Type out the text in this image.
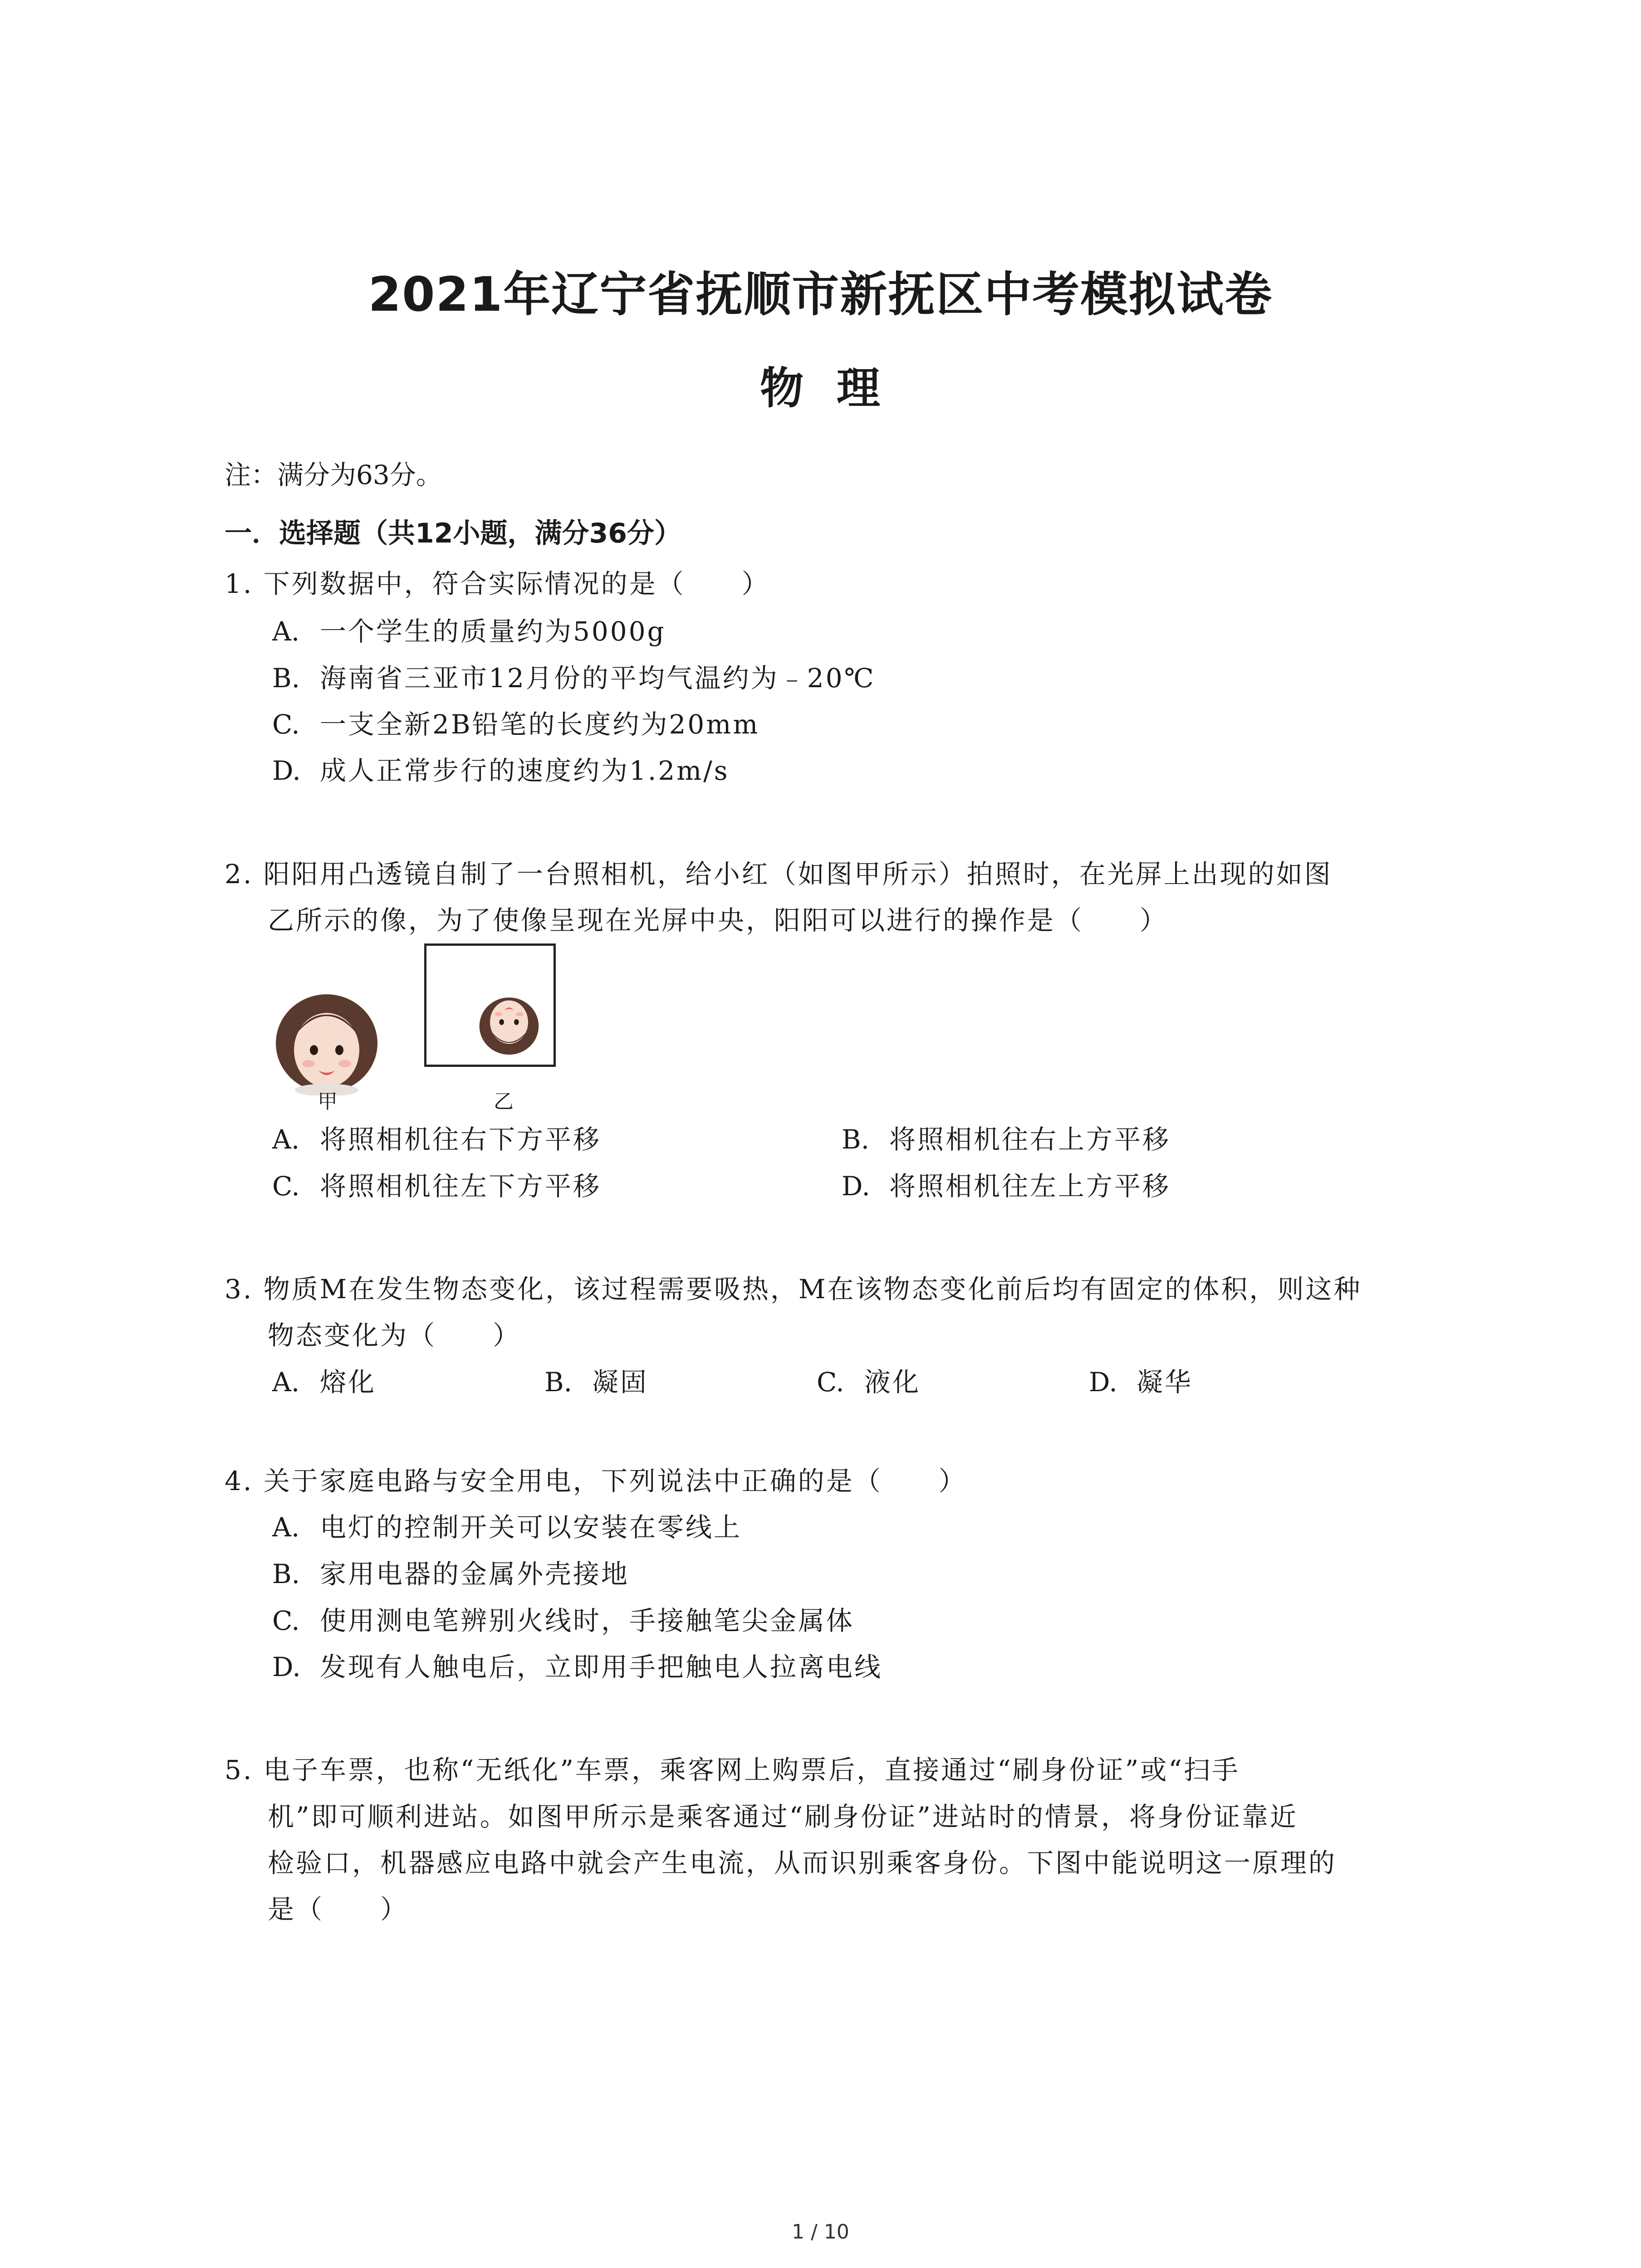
2021年辽宁省抚顺市新抚区中考模拟试卷
物  理
注：满分为63分。
一．选择题（共12小题，满分36分）
1. 下列数据中，符合实际情况的是（　　）
A. 一个学生的质量约为5000g
B. 海南省三亚市12月份的平均气温约为﹣20℃
C. 一支全新2B铅笔的长度约为20mm
D. 成人正常步行的速度约为1.2m/s
2. 阳阳用凸透镜自制了一台照相机，给小红（如图甲所示）拍照时，在光屏上出现的如图
乙所示的像，为了使像呈现在光屏中央，阳阳可以进行的操作是（　　）
甲	乙
A. 将照相机往右下方平移	B. 将照相机往右上方平移
C. 将照相机往左下方平移	D. 将照相机往左上方平移
3. 物质M在发生物态变化，该过程需要吸热，M在该物态变化前后均有固定的体积，则这种
物态变化为（　　）
A. 熔化	B. 凝固	C. 液化	D. 凝华
4. 关于家庭电路与安全用电，下列说法中正确的是（　　）
A. 电灯的控制开关可以安装在零线上
B. 家用电器的金属外壳接地
C. 使用测电笔辨别火线时，手接触笔尖金属体
D. 发现有人触电后，立即用手把触电人拉离电线
5. 电子车票，也称“无纸化”车票，乘客网上购票后，直接通过“刷身份证”或“扫手
机”即可顺利进站。如图甲所示是乘客通过“刷身份证”进站时的情景，将身份证靠近
检验口，机器感应电路中就会产生电流，从而识别乘客身份。下图中能说明这一原理的
是（　　）
1 / 10
